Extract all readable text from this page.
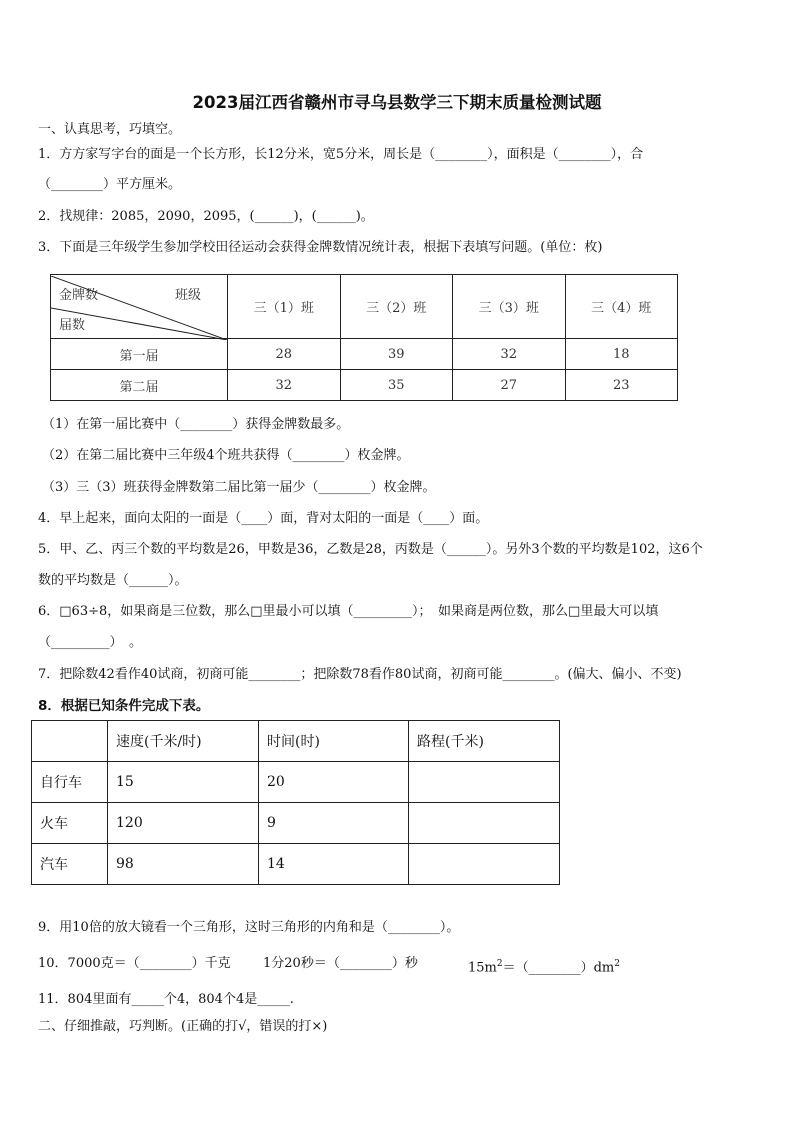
2023届江西省赣州市寻乌县数学三下期末质量检测试题
一、认真思考，巧填空。
1．方方家写字台的面是一个长方形，长12分米，宽5分米，周长是（________），面积是（________），合
（________）平方厘米。
2．找规律：2085，2090，2095，(______)，(______)。
3．下面是三年级学生参加学校田径运动会获得金牌数情况统计表，根据下表填写问题。(单位：枚)
金牌数 班级
届数	三（1）班	三（2）班	三（3）班	三（4）班
第一届	28	39	32	18
第二届	32	35	27	23
（1）在第一届比赛中（________）获得金牌数最多。
（2）在第二届比赛中三年级4个班共获得（________）枚金牌。
（3）三（3）班获得金牌数第二届比第一届少（________）枚金牌。
4．早上起来，面向太阳的一面是（____）面，背对太阳的一面是（____）面。
5．甲、乙、丙三个数的平均数是26，甲数是36，乙数是28，丙数是（______）。另外3个数的平均数是102，这6个
数的平均数是（______）。
6．□63÷8，如果商是三位数，那么□里最小可以填（_________）；　如果商是两位数，那么□里最大可以填
（_________）　。
7．把除数42看作40试商，初商可能________；把除数78看作80试商，初商可能________。(偏大、偏小、不变)
8．根据已知条件完成下表。
	速度(千米/时)	时间(时)	路程(千米)
自行车	15	20	
火车	120	9	
汽车	98	14	
9．用10倍的放大镜看一个三角形，这时三角形的内角和是（________）。
10．7000克＝（________）千克 1分20秒＝（________）秒	$15m^2=(\_\_\_\_\_\_\_\_)dm^2$
11．804里面有_____个4，804个4是_____.
二、仔细推敲，巧判断。(正确的打√，错误的打×)
